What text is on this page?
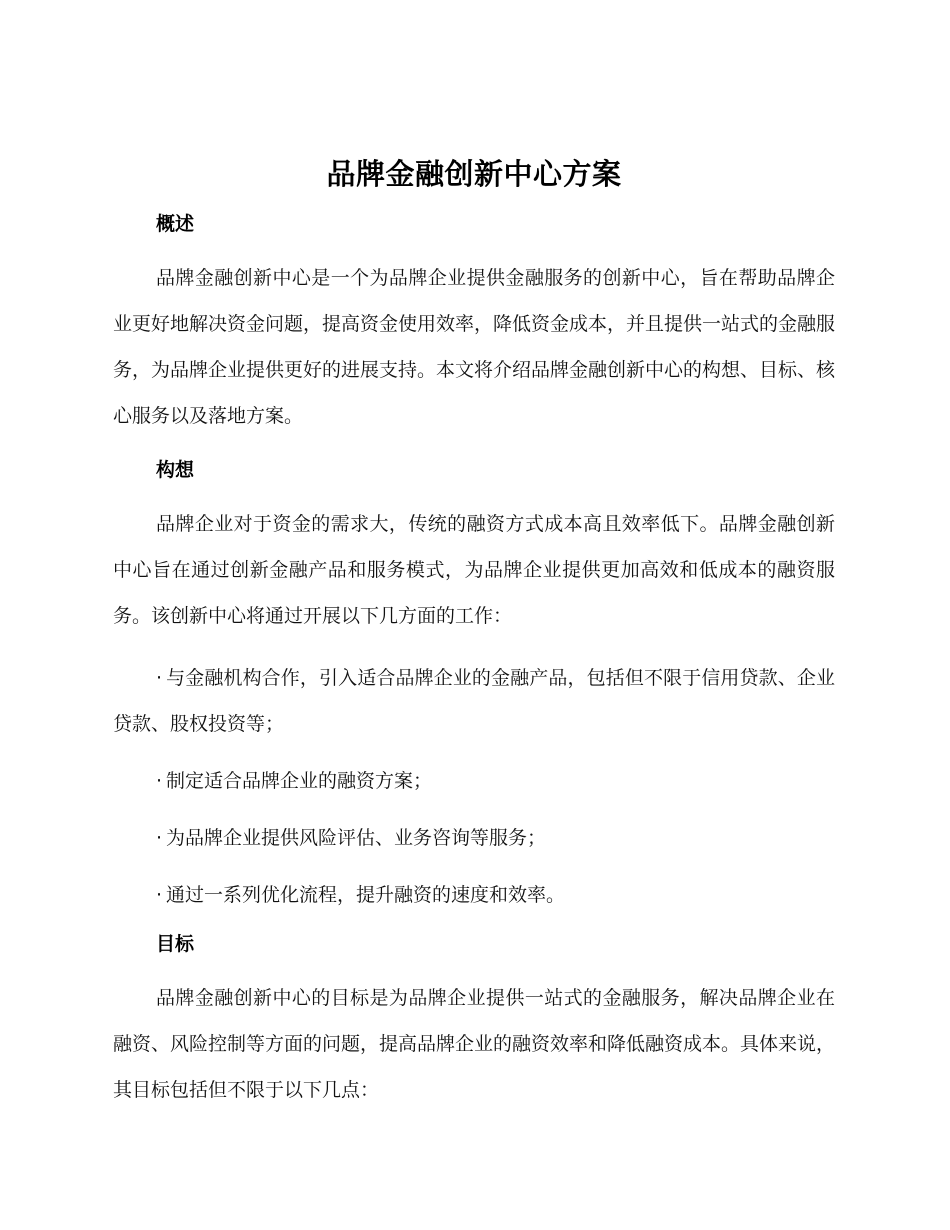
品牌金融创新中心方案
概述

品牌金融创新中心是一个为品牌企业提供金融服务的创新中心，旨在帮助品牌企业更好地解决资金问题，提高资金使用效率，降低资金成本，并且提供一站式的金融服务，为品牌企业提供更好的进展支持。本文将介绍品牌金融创新中心的构想、目标、核心服务以及落地方案。

构想

品牌企业对于资金的需求大，传统的融资方式成本高且效率低下。品牌金融创新中心旨在通过创新金融产品和服务模式，为品牌企业提供更加高效和低成本的融资服务。该创新中心将通过开展以下几方面的工作：

· 与金融机构合作，引入适合品牌企业的金融产品，包括但不限于信用贷款、企业贷款、股权投资等；

· 制定适合品牌企业的融资方案；

· 为品牌企业提供风险评估、业务咨询等服务；

· 通过一系列优化流程，提升融资的速度和效率。

目标

品牌金融创新中心的目标是为品牌企业提供一站式的金融服务，解决品牌企业在融资、风险控制等方面的问题，提高品牌企业的融资效率和降低融资成本。具体来说，其目标包括但不限于以下几点：
